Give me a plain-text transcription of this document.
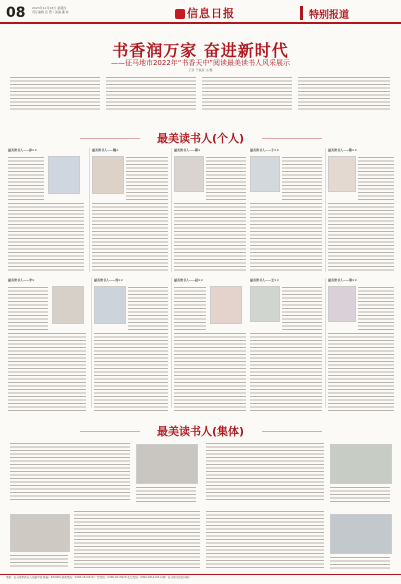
08 2023年11月23日 星期四
责任编辑 张 慧 / 美编 潘 林	信息日报	特别报道
书香润万家 奋进新时代
——征马地市2022年“书香天中”阅读最美读书人风采展示
记者 于福森 文/摄
最美读书人(个人)
最美读书人——孙××	最美读书人——魏×	最美读书人——郭×	最美读书人——于××	最美读书人——陈××
最美读书人——李×	最美读书人——刘××	最美读书人——赵××	最美读书人——王××	最美读书人——周××
最美读书人(集体)
地址：征马地市新区人民路中段 邮编：463000 新闻热线：0396-2813616 广告热线：0396-2813926 发行热线：0396-2814103 印刷：征马地日报社印刷厂
